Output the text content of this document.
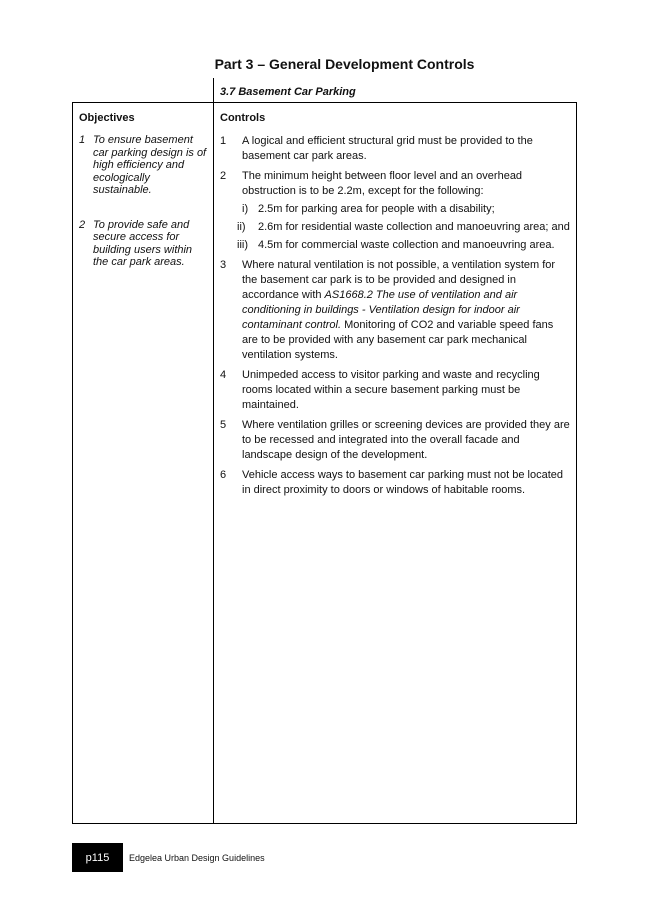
Part 3 – General Development Controls
3.7 Basement Car Parking
Objectives
1 To ensure basement car parking design is of high efficiency and ecologically sustainable.
2 To provide safe and secure access for building users within the car park areas.
Controls
1	A logical and efficient structural grid must be provided to the basement car park areas.
2	The minimum height between floor level and an overhead obstruction is to be 2.2m, except for the following:
i) 2.5m for parking area for people with a disability;
ii)	2.6m for residential waste collection and manoeuvring area; and
iii) 4.5m for commercial waste collection and manoeuvring area.
3	Where natural ventilation is not possible, a ventilation system for the basement car park is to be provided and designed in accordance with AS1668.2 The use of ventilation and air conditioning in buildings - Ventilation design for indoor air contaminant control. Monitoring of CO2 and variable speed fans are to be provided with any basement car park mechanical ventilation systems.
4	Unimpeded access to visitor parking and waste and recycling rooms located within a secure basement parking must be maintained.
5	Where ventilation grilles or screening devices are provided they are to be recessed and integrated into the overall facade and landscape design of the development.
6	Vehicle access ways to basement car parking must not be located in direct proximity to doors or windows of habitable rooms.
p115	Edgelea Urban Design Guidelines
